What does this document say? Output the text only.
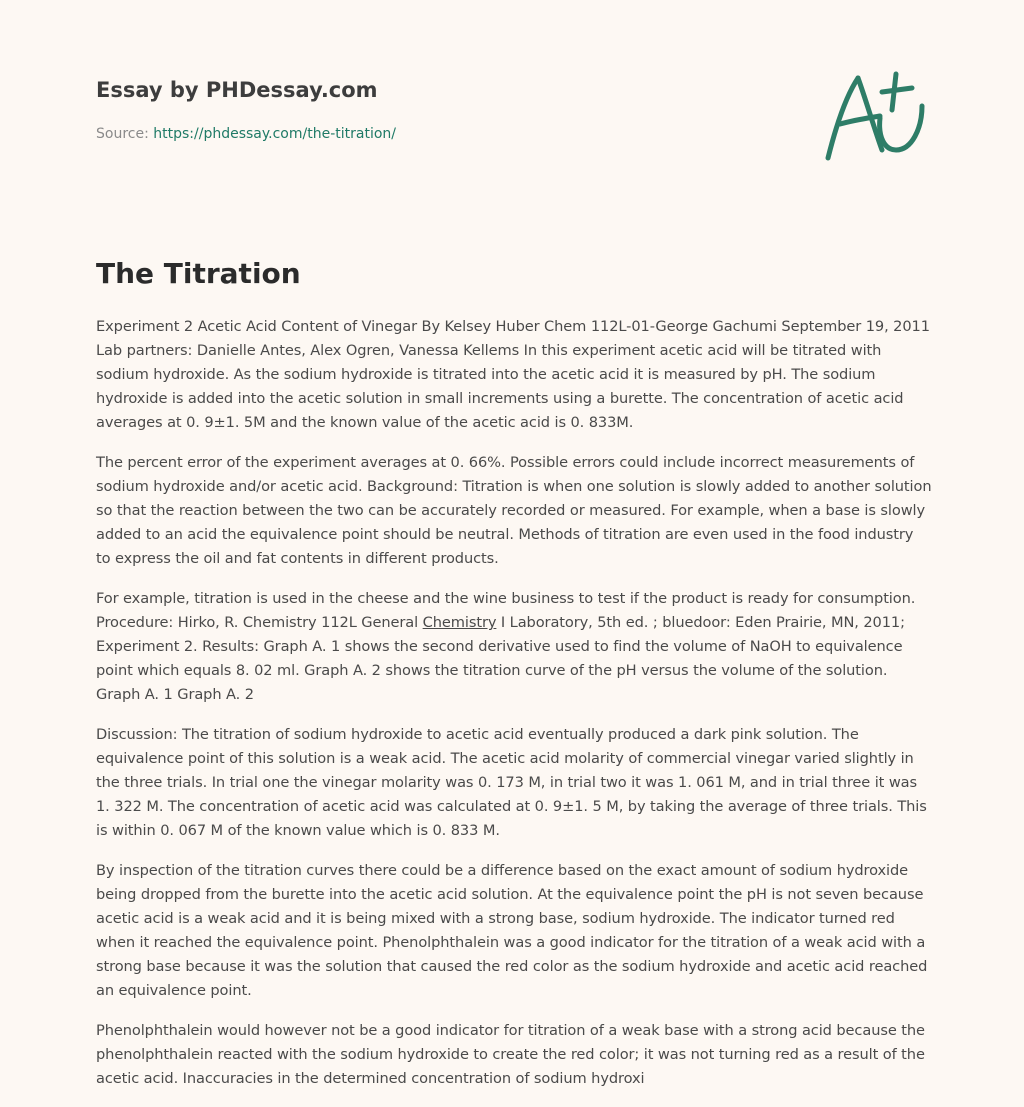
Essay by PHDessay.com
Source: https://phdessay.com/the-titration/
The Titration

Experiment 2 Acetic Acid Content of Vinegar By Kelsey Huber Chem 112L-01-George Gachumi September 19, 2011 Lab partners: Danielle Antes, Alex Ogren, Vanessa Kellems In this experiment acetic acid will be titrated with sodium hydroxide. As the sodium hydroxide is titrated into the acetic acid it is measured by pH. The sodium hydroxide is added into the acetic solution in small increments using a burette. The concentration of acetic acid averages at 0. 9±1. 5M and the known value of the acetic acid is 0. 833M.

The percent error of the experiment averages at 0. 66%. Possible errors could include incorrect measurements of sodium hydroxide and/or acetic acid. Background: Titration is when one solution is slowly added to another solution so that the reaction between the two can be accurately recorded or measured. For example, when a base is slowly added to an acid the equivalence point should be neutral. Methods of titration are even used in the food industry to express the oil and fat contents in different products.

For example, titration is used in the cheese and the wine business to test if the product is ready for consumption. Procedure: Hirko, R. Chemistry 112L General Chemistry I Laboratory, 5th ed. ; bluedoor: Eden Prairie, MN, 2011; Experiment 2. Results: Graph A. 1 shows the second derivative used to find the volume of NaOH to equivalence point which equals 8. 02 ml. Graph A. 2 shows the titration curve of the pH versus the volume of the solution. Graph A. 1 Graph A. 2

Discussion: The titration of sodium hydroxide to acetic acid eventually produced a dark pink solution. The equivalence point of this solution is a weak acid. The acetic acid molarity of commercial vinegar varied slightly in the three trials. In trial one the vinegar molarity was 0. 173 M, in trial two it was 1. 061 M, and in trial three it was 1. 322 M. The concentration of acetic acid was calculated at 0. 9±1. 5 M, by taking the average of three trials. This is within 0. 067 M of the known value which is 0. 833 M.

By inspection of the titration curves there could be a difference based on the exact amount of sodium hydroxide being dropped from the burette into the acetic acid solution. At the equivalence point the pH is not seven because acetic acid is a weak acid and it is being mixed with a strong base, sodium hydroxide. The indicator turned red when it reached the equivalence point. Phenolphthalein was a good indicator for the titration of a weak acid with a strong base because it was the solution that caused the red color as the sodium hydroxide and acetic acid reached an equivalence point.

Phenolphthalein would however not be a good indicator for titration of a weak base with a strong acid because the phenolphthalein reacted with the sodium hydroxide to create the red color; it was not turning red as a result of the acetic acid. Inaccuracies in the determined concentration of sodium hydroxi
